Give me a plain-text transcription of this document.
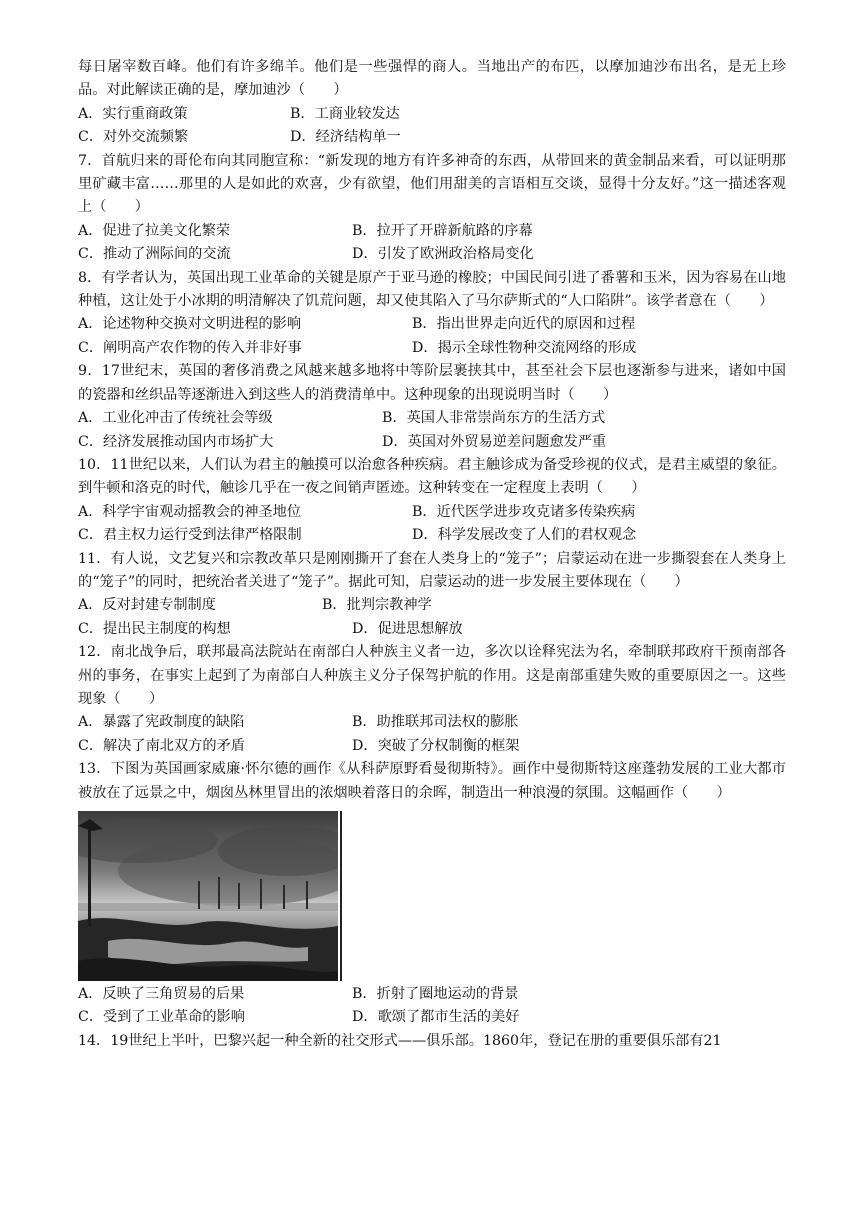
每日屠宰数百峰。他们有许多绵羊。他们是一些强悍的商人。当地出产的布匹，以摩加迪沙布出名，是无上珍品。对此解读正确的是，摩加迪沙（　　）

A．实行重商政策	B．工商业较发达
C．对外交流频繁	D．经济结构单一

7．首航归来的哥伦布向其同胞宣称：“新发现的地方有许多神奇的东西，从带回来的黄金制品来看，可以证明那里矿藏丰富……那里的人是如此的欢喜，少有欲望，他们用甜美的言语相互交谈，显得十分友好。”这一描述客观上（　　）

A．促进了拉美文化繁荣	B．拉开了开辟新航路的序幕
C．推动了洲际间的交流	D．引发了欧洲政治格局变化

8．有学者认为，英国出现工业革命的关键是原产于亚马逊的橡胶；中国民间引进了番薯和玉米，因为容易在山地种植，这让处于小冰期的明清解决了饥荒问题，却又使其陷入了马尔萨斯式的“人口陷阱”。该学者意在（　　）

A．论述物种交换对文明进程的影响	B．指出世界走向近代的原因和过程
C．阐明高产农作物的传入并非好事	D．揭示全球性物种交流网络的形成

9．17世纪末，英国的奢侈消费之风越来越多地将中等阶层裹挟其中，甚至社会下层也逐渐参与进来，诸如中国的瓷器和丝织品等逐渐进入到这些人的消费清单中。这种现象的出现说明当时（　　）

A．工业化冲击了传统社会等级	B．英国人非常崇尚东方的生活方式
C．经济发展推动国内市场扩大	D．英国对外贸易逆差问题愈发严重

10．11世纪以来，人们认为君主的触摸可以治愈各种疾病。君主触诊成为备受珍视的仪式，是君主威望的象征。到牛顿和洛克的时代，触诊几乎在一夜之间销声匿迹。这种转变在一定程度上表明（　　）

A．科学宇宙观动摇教会的神圣地位	B．近代医学进步攻克诸多传染疾病
C．君主权力运行受到法律严格限制	D．科学发展改变了人们的君权观念

11．有人说，文艺复兴和宗教改革只是刚刚撕开了套在人类身上的“笼子”；启蒙运动在进一步撕裂套在人类身上的“笼子”的同时，把统治者关进了“笼子”。据此可知，启蒙运动的进一步发展主要体现在（　　）

A．反对封建专制制度	B．批判宗教神学
C．提出民主制度的构想	D．促进思想解放

12．南北战争后，联邦最高法院站在南部白人种族主义者一边，多次以诠释宪法为名，牵制联邦政府干预南部各州的事务，在事实上起到了为南部白人种族主义分子保驾护航的作用。这是南部重建失败的重要原因之一。这些现象（　　）

A．暴露了宪政制度的缺陷	B．助推联邦司法权的膨胀
C．解决了南北双方的矛盾	D．突破了分权制衡的框架

13．下图为英国画家威廉·怀尔德的画作《从科萨原野看曼彻斯特》。画作中曼彻斯特这座蓬勃发展的工业大都市被放在了远景之中，烟囱丛林里冒出的浓烟映着落日的余晖，制造出一种浪漫的氛围。这幅画作（　　）

A．反映了三角贸易的后果	B．折射了圈地运动的背景
C．受到了工业革命的影响	D．歌颂了都市生活的美好

14．19世纪上半叶，巴黎兴起一种全新的社交形式——俱乐部。1860年，登记在册的重要俱乐部有21
